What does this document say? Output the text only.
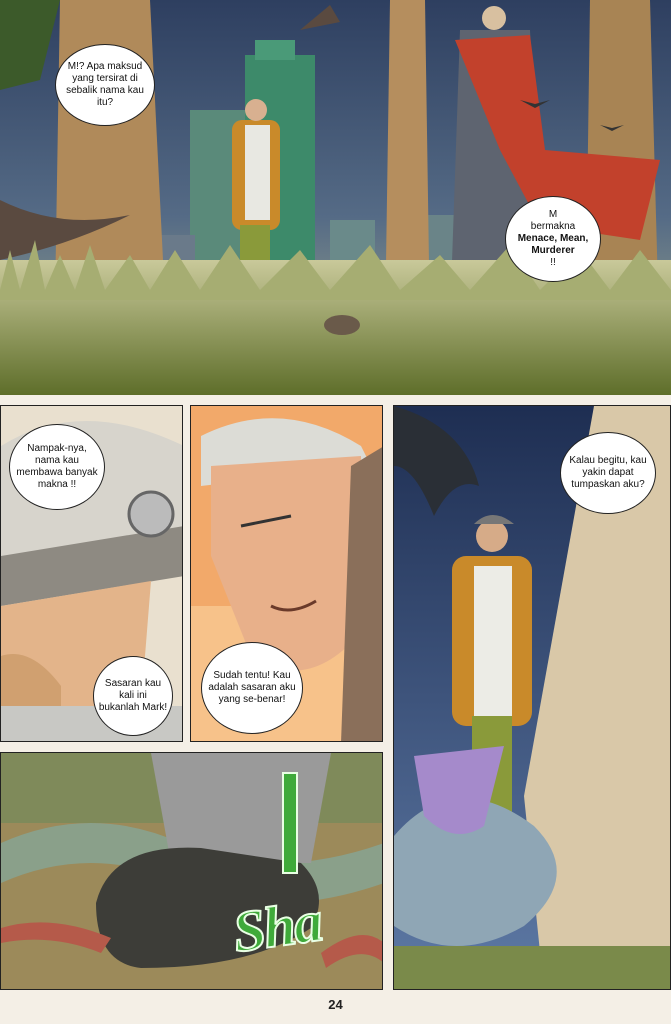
M!? Apa maksud yang tersirat di sebalik nama kau itu?
M
bermakna
Menace, Mean,
Murderer
!!
Nampak-nya, nama kau membawa banyak makna !!
Sasaran kau kali ini bukanlah Mark!
Sudah tentu! Kau adalah sasaran aku yang se-benar!
Kalau begitu, kau yakin dapat tumpaskan aku?
Sha
24
